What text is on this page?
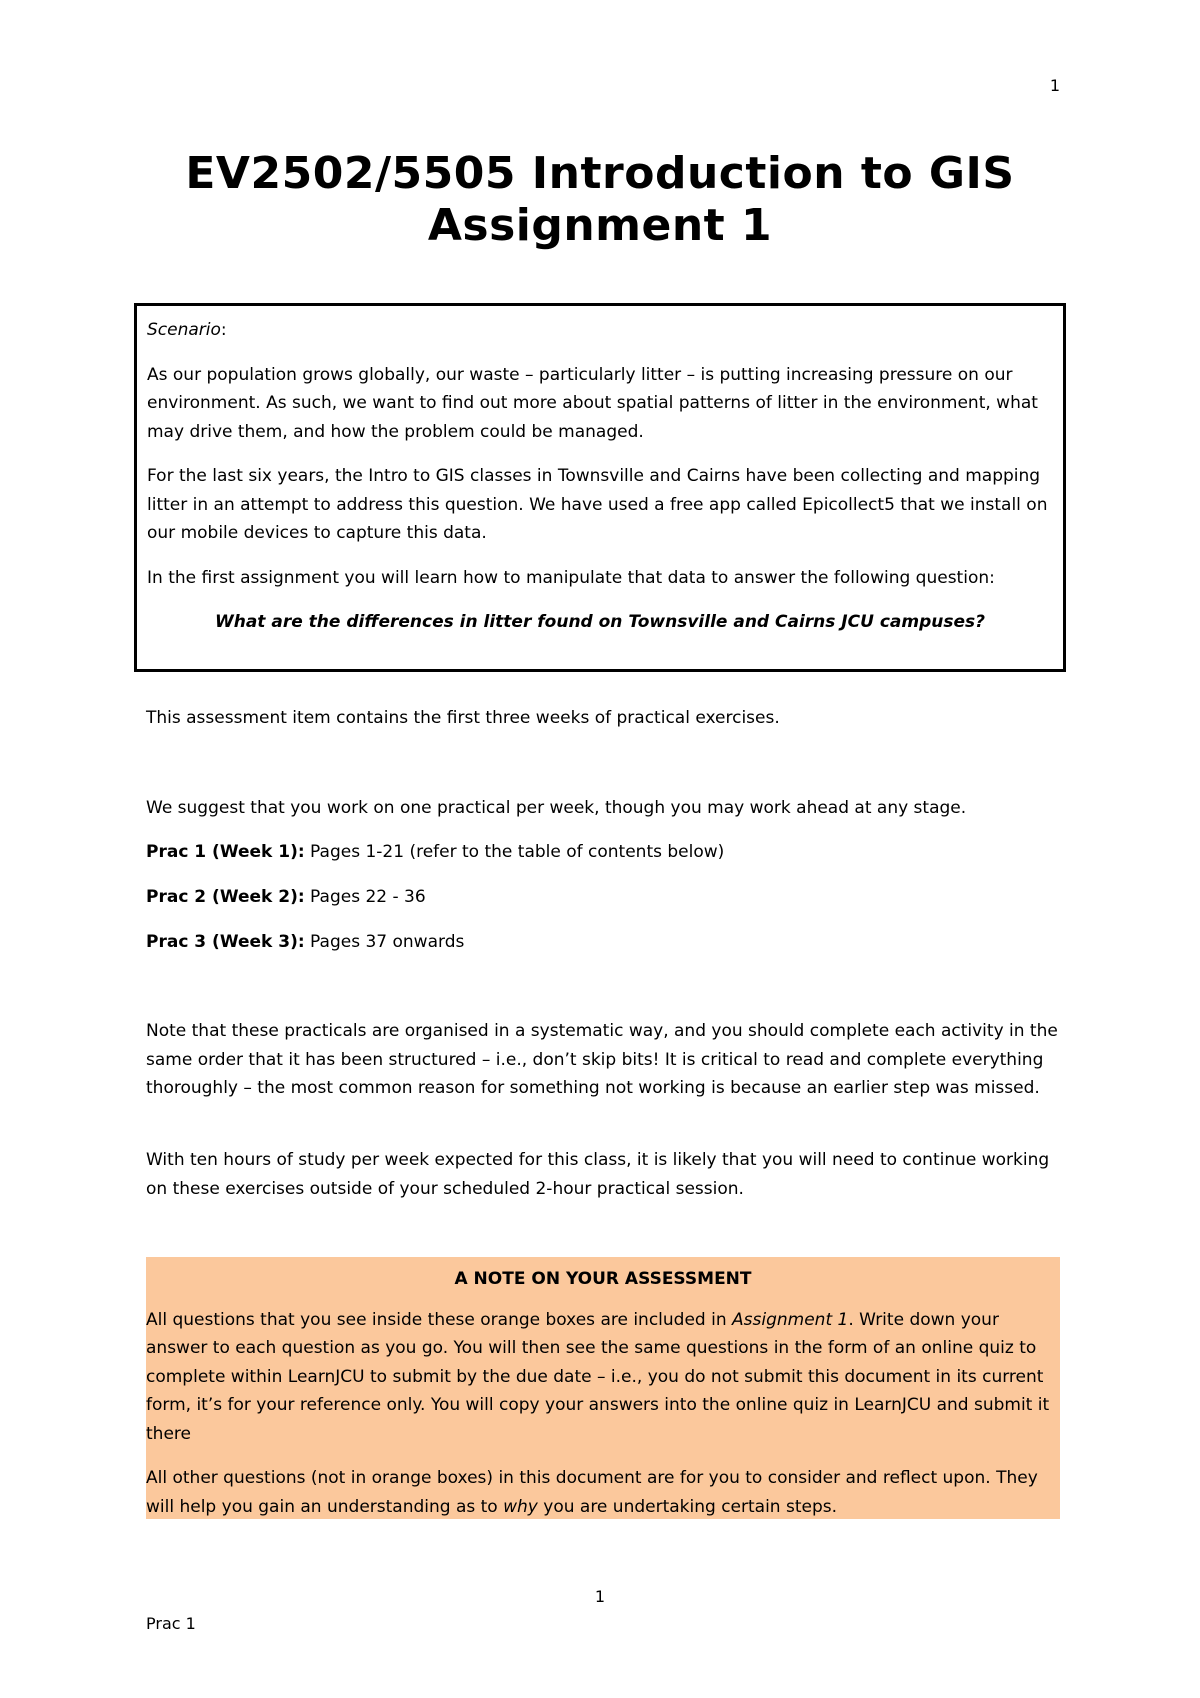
1
EV2502/5505 Introduction to GIS
Assignment 1

Scenario:

As our population grows globally, our waste – particularly litter – is putting increasing pressure on our environment. As such, we want to find out more about spatial patterns of litter in the environment, what may drive them, and how the problem could be managed.

For the last six years, the Intro to GIS classes in Townsville and Cairns have been collecting and mapping litter in an attempt to address this question. We have used a free app called Epicollect5 that we install on our mobile devices to capture this data.

In the first assignment you will learn how to manipulate that data to answer the following question:

What are the differences in litter found on Townsville and Cairns JCU campuses?

This assessment item contains the first three weeks of practical exercises.

We suggest that you work on one practical per week, though you may work ahead at any stage.

Prac 1 (Week 1): Pages 1-21 (refer to the table of contents below)

Prac 2 (Week 2): Pages 22 - 36

Prac 3 (Week 3): Pages 37 onwards

Note that these practicals are organised in a systematic way, and you should complete each activity in the same order that it has been structured – i.e., don’t skip bits! It is critical to read and complete everything thoroughly – the most common reason for something not working is because an earlier step was missed.

With ten hours of study per week expected for this class, it is likely that you will need to continue working on these exercises outside of your scheduled 2-hour practical session.

A NOTE ON YOUR ASSESSMENT

All questions that you see inside these orange boxes are included in Assignment 1. Write down your answer to each question as you go. You will then see the same questions in the form of an online quiz to complete within LearnJCU to submit by the due date – i.e., you do not submit this document in its current form, it’s for your reference only. You will copy your answers into the online quiz in LearnJCU and submit it there

All other questions (not in orange boxes) in this document are for you to consider and reflect upon. They will help you gain an understanding as to why you are undertaking certain steps.

1
Prac 1
